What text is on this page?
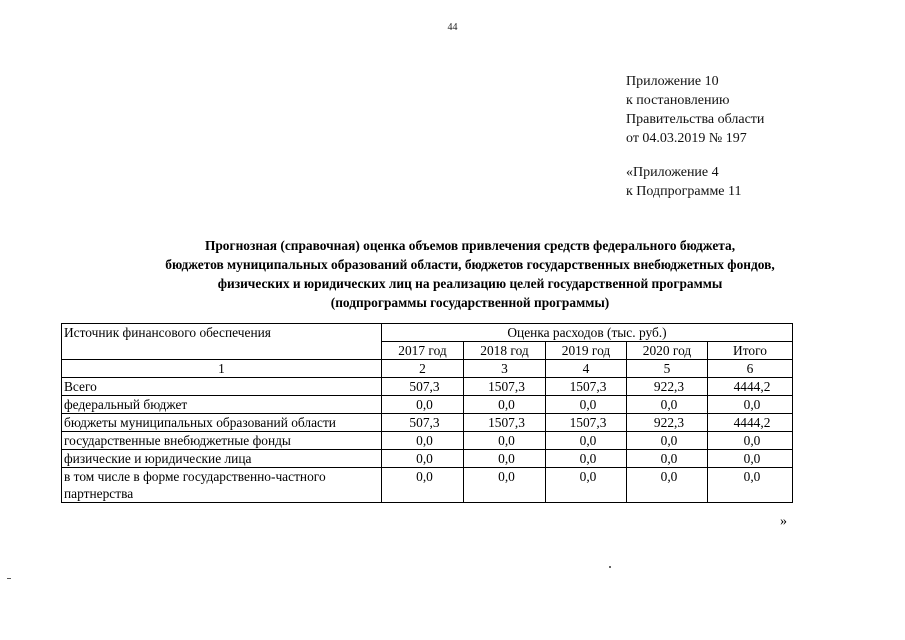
44
Приложение 10
к постановлению
Правительства области
от 04.03.2019 № 197
«Приложение 4
к Подпрограмме 11
Прогнозная (справочная) оценка объемов привлечения средств федерального бюджета,
бюджетов муниципальных образований области, бюджетов государственных внебюджетных фондов,
физических и юридических лиц на реализацию целей государственной программы
(подпрограммы государственной программы)
Источник финансового обеспечения	Оценка расходов (тыс. руб.)				
	2017 год	2018 год	2019 год	2020 год	Итого
1	2	3	4	5	6
Всего	507,3	1507,3	1507,3	922,3	4444,2
федеральный бюджет	0,0	0,0	0,0	0,0	0,0
бюджеты муниципальных образований области	507,3	1507,3	1507,3	922,3	4444,2
государственные внебюджетные фонды	0,0	0,0	0,0	0,0	0,0
физические и юридические лица	0,0	0,0	0,0	0,0	0,0
в том числе в форме государственно-частного партнерства	0,0	0,0	0,0	0,0	0,0
»
